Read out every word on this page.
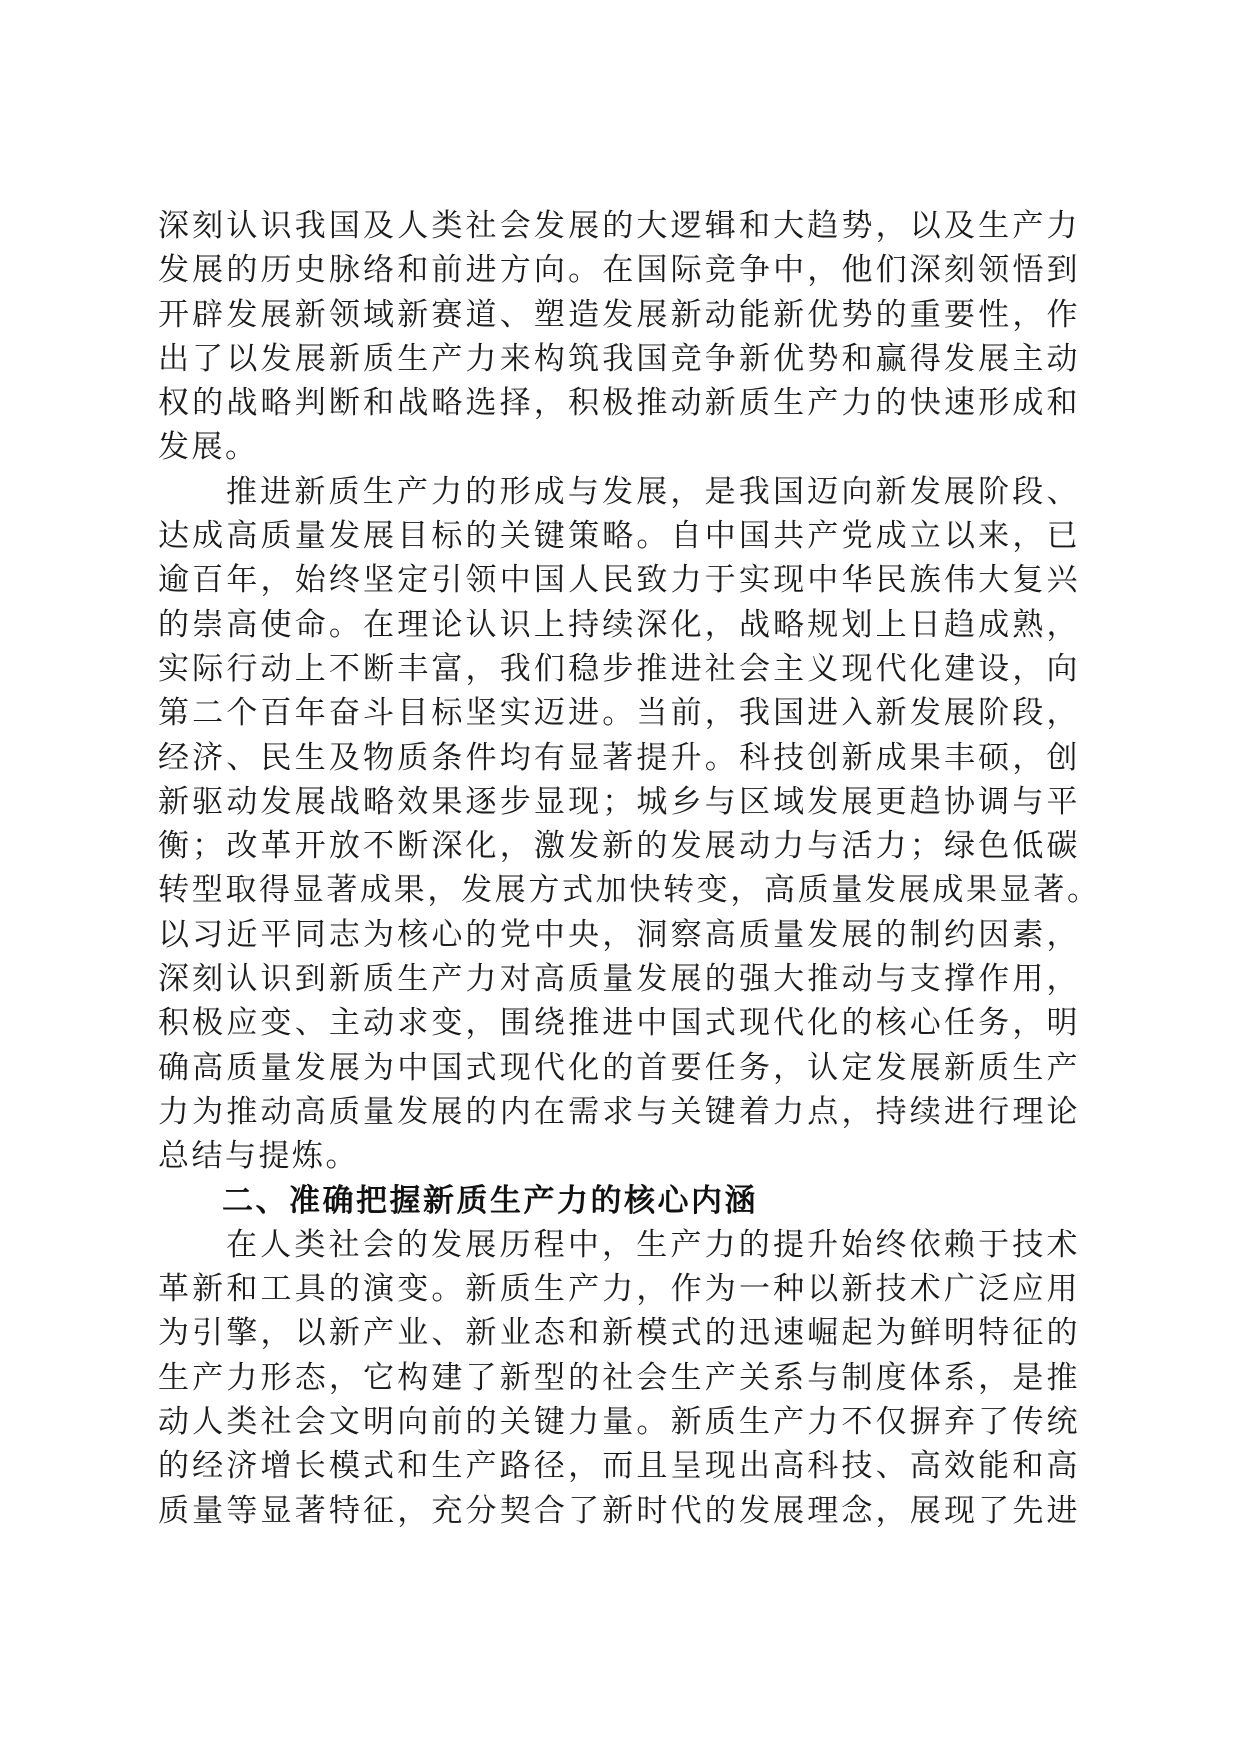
深刻认识我国及人类社会发展的大逻辑和大趋势，以及生产力
发展的历史脉络和前进方向。在国际竞争中，他们深刻领悟到
开辟发展新领域新赛道、塑造发展新动能新优势的重要性，作
出了以发展新质生产力来构筑我国竞争新优势和赢得发展主动
权的战略判断和战略选择，积极推动新质生产力的快速形成和
发展。
推进新质生产力的形成与发展，是我国迈向新发展阶段、
达成高质量发展目标的关键策略。自中国共产党成立以来，已
逾百年，始终坚定引领中国人民致力于实现中华民族伟大复兴
的崇高使命。在理论认识上持续深化，战略规划上日趋成熟，
实际行动上不断丰富，我们稳步推进社会主义现代化建设，向
第二个百年奋斗目标坚实迈进。当前，我国进入新发展阶段，
经济、民生及物质条件均有显著提升。科技创新成果丰硕，创
新驱动发展战略效果逐步显现；城乡与区域发展更趋协调与平
衡；改革开放不断深化，激发新的发展动力与活力；绿色低碳
转型取得显著成果，发展方式加快转变，高质量发展成果显著。
以习近平同志为核心的党中央，洞察高质量发展的制约因素，
深刻认识到新质生产力对高质量发展的强大推动与支撑作用，
积极应变、主动求变，围绕推进中国式现代化的核心任务，明
确高质量发展为中国式现代化的首要任务，认定发展新质生产
力为推动高质量发展的内在需求与关键着力点，持续进行理论
总结与提炼。
二、准确把握新质生产力的核心内涵
在人类社会的发展历程中，生产力的提升始终依赖于技术
革新和工具的演变。新质生产力，作为一种以新技术广泛应用
为引擎，以新产业、新业态和新模式的迅速崛起为鲜明特征的
生产力形态，它构建了新型的社会生产关系与制度体系，是推
动人类社会文明向前的关键力量。新质生产力不仅摒弃了传统
的经济增长模式和生产路径，而且呈现出高科技、高效能和高
质量等显著特征，充分契合了新时代的发展理念，展现了先进
